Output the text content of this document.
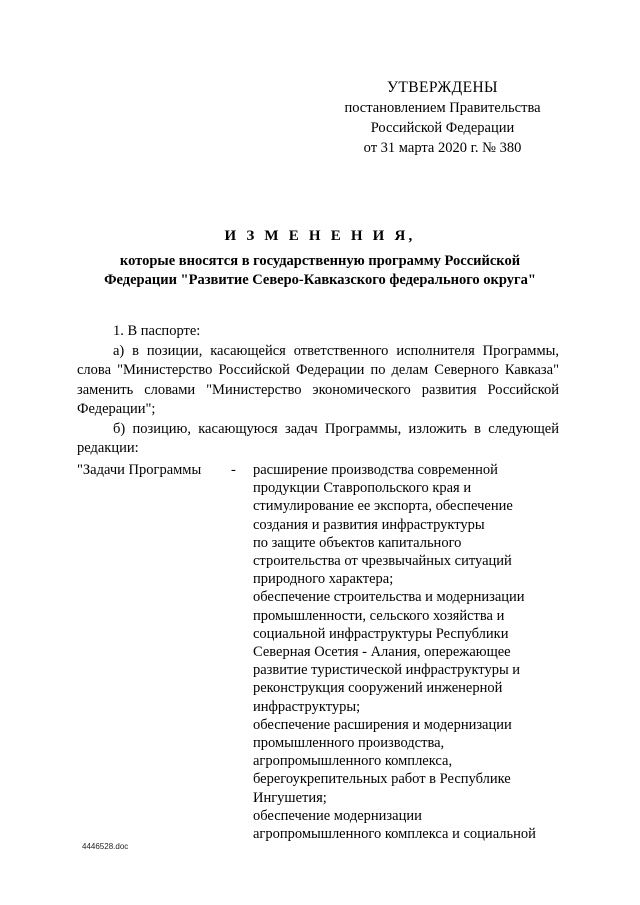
УТВЕРЖДЕНЫ
постановлением Правительства
Российской Федерации
от 31 марта 2020 г. № 380
И З М Е Н Е Н И Я,
которые вносятся в государственную программу Российской
Федерации "Развитие Северо-Кавказского федерального округа"

1. В паспорте:

а) в позиции, касающейся ответственного исполнителя Программы, слова "Министерство Российской Федерации по делам Северного Кавказа" заменить словами "Министерство экономического развития Российской Федерации";

б) позицию, касающуюся задач Программы, изложить в следующей редакции:

"Задачи Программы - расширение производства современной
продукции Ставропольского края и
стимулирование ее экспорта, обеспечение
создания и развития инфраструктуры
по защите объектов капитального
строительства от чрезвычайных ситуаций
природного характера;
обеспечение строительства и модернизации
промышленности, сельского хозяйства и
социальной инфраструктуры Республики
Северная Осетия - Алания, опережающее
развитие туристической инфраструктуры и
реконструкция сооружений инженерной
инфраструктуры;
обеспечение расширения и модернизации
промышленного производства,
агропромышленного комплекса,
берегоукрепительных работ в Республике
Ингушетия;
обеспечение модернизации
агропромышленного комплекса и социальной
4446528.doc
